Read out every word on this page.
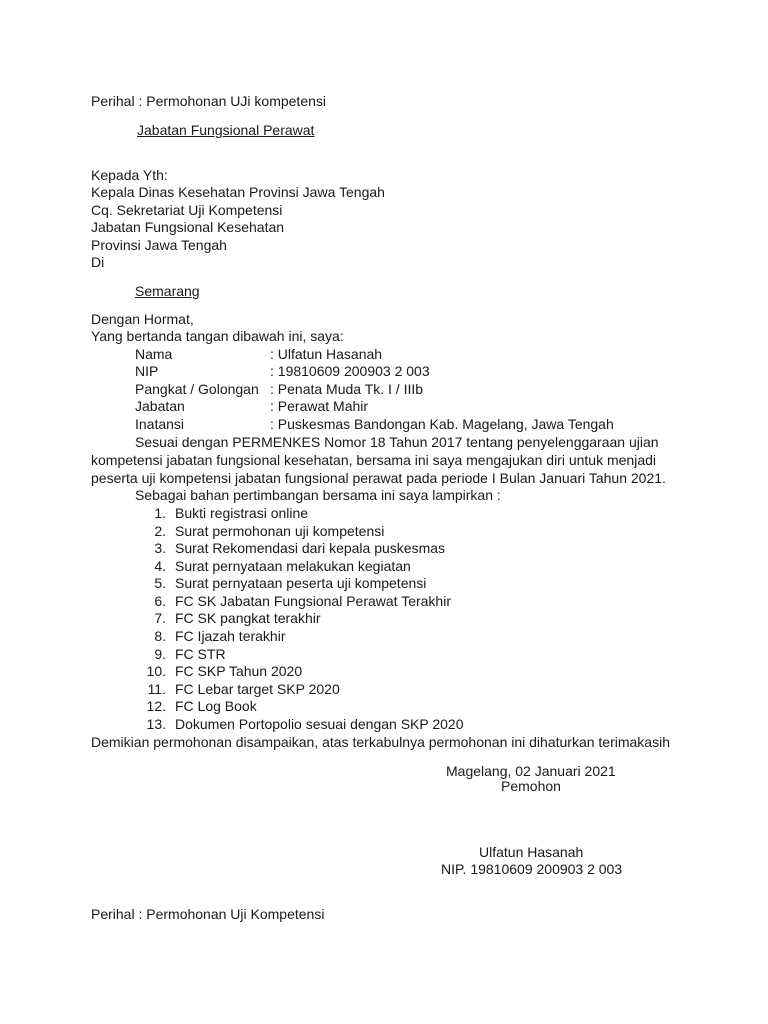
Perihal : Permohonan UJi kompetensi
Jabatan Fungsional Perawat
Kepada Yth:
Kepala Dinas Kesehatan Provinsi Jawa Tengah
Cq. Sekretariat Uji Kompetensi
Jabatan Fungsional Kesehatan
Provinsi Jawa Tengah
Di
Semarang
Dengan Hormat,
Yang bertanda tangan dibawah ini, saya:
Nama	: Ulfatun Hasanah
NIP	: 19810609 200903 2 003
Pangkat / Golongan : Penata Muda Tk. I / IIIb
Jabatan	: Perawat Mahir
Inatansi	: Puskesmas Bandongan Kab. Magelang, Jawa Tengah
Sesuai dengan PERMENKES Nomor 18 Tahun 2017 tentang penyelenggaraan ujian
kompetensi jabatan fungsional kesehatan, bersama ini saya mengajukan diri untuk menjadi
peserta uji kompetensi jabatan fungsional perawat pada periode I Bulan Januari Tahun 2021.
Sebagai bahan pertimbangan bersama ini saya lampirkan :
1. Bukti registrasi online
2. Surat permohonan uji kompetensi
3. Surat Rekomendasi dari kepala puskesmas
4. Surat pernyataan melakukan kegiatan
5. Surat pernyataan peserta uji kompetensi
6. FC SK Jabatan Fungsional Perawat Terakhir
7. FC SK pangkat terakhir
8. FC Ijazah terakhir
9. FC STR
10. FC SKP Tahun 2020
11. FC Lebar target SKP 2020
12. FC Log Book
13. Dokumen Portopolio sesuai dengan SKP 2020
Demikian permohonan disampaikan, atas terkabulnya permohonan ini dihaturkan terimakasih
Magelang, 02 Januari 2021
Pemohon
Ulfatun Hasanah
NIP. 19810609 200903 2 003
Perihal : Permohonan Uji Kompetensi
